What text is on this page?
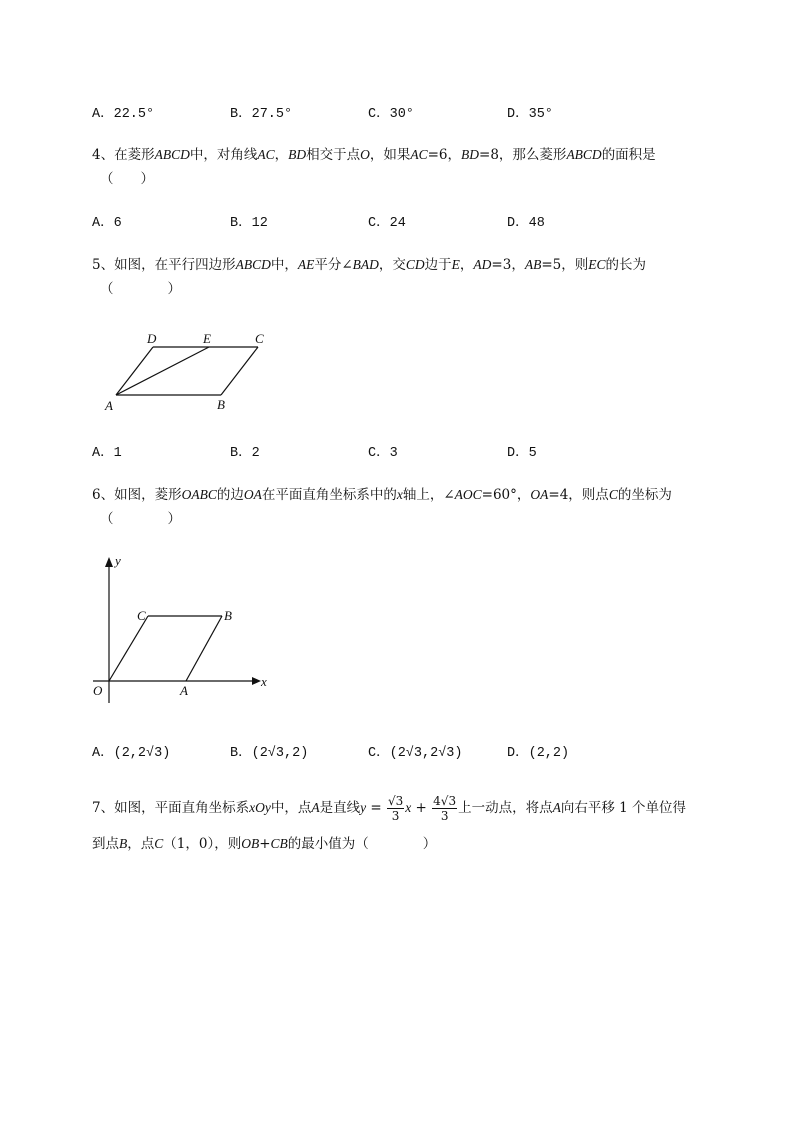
A．22.5°	B．27.5°	C．30°	D．35°
4、在菱形ABCD中，对角线AC，BD相交于点O，如果AC=6，BD=8，那么菱形ABCD的面积是
（　　）
A．6	B．12	C．24	D．48
5、如图，在平行四边形ABCD中，AE平分∠BAD，交CD边于E，AD=3，AB=5，则EC的长为
（　　　　）
D	E	C
A	B
A．1	B．2	C．3	D．5
6、如图，菱形OABC的边OA在平面直角坐标系中的x轴上，∠AOC=60°，OA=4，则点C的坐标为
（　　　　）
y
x
O	A
C	B
A．(2,2√3)	B．(2√3,2)	C．(2√3,2√3)	D．(2,2)
7、如图，平面直角坐标系xOy中，点A是直线$y = \frac{√3}{3}$ $x + \frac{4√3}{3}$ 上一动点，将点A向右平移 1 个单位得
到点B，点C（1，0），则OB+CB的最小值为（　　　　）
